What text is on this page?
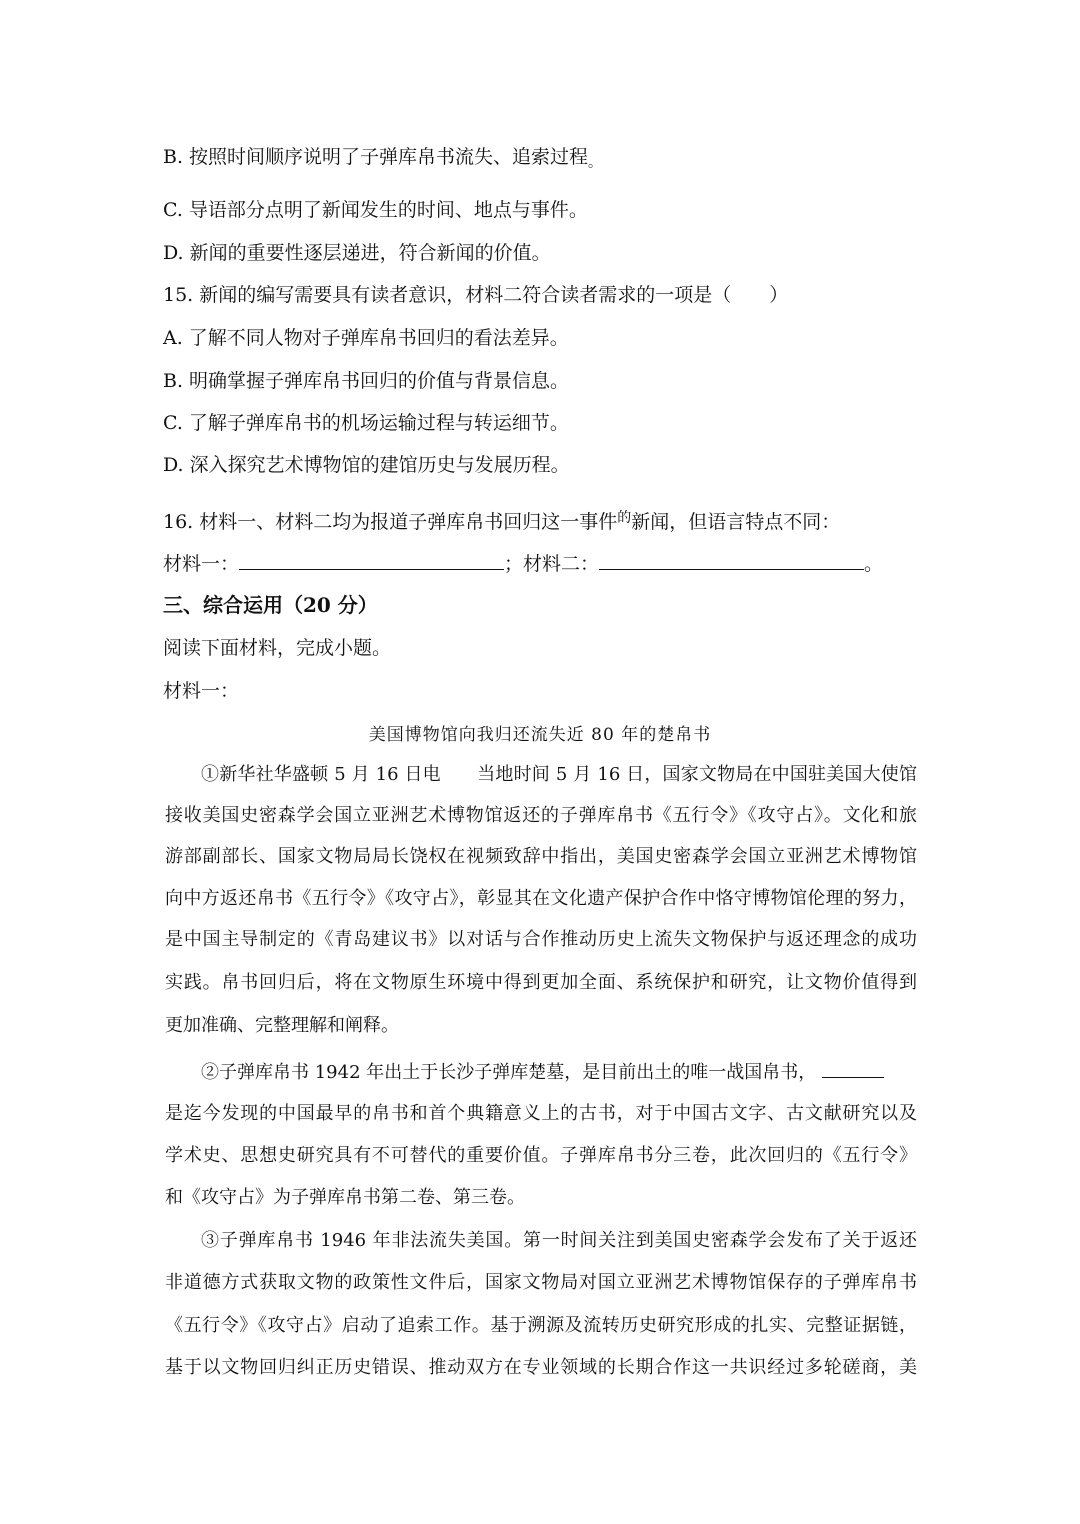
B. 按照时间顺序说明了子弹库帛书流失、追索过程$_。$

C. 导语部分点明了新闻发生的时间、地点与事件。

D. 新闻的重要性逐层递进，符合新闻的价值。

15. 新闻的编写需要具有读者意识，材料二符合读者需求的一项是（　　）

A. 了解不同人物对子弹库帛书回归的看法差异。

B. 明确掌握子弹库帛书回归的价值与背景信息。

C. 了解子弹库帛书的机场运输过程与转运细节。

D. 深入探究艺术博物馆的建馆历史与发展历程。

16. 材料一、材料二均为报道子弹库帛书回归这一事件$^的$新闻，但语言特点不同：

材料一：	；材料二：	。

三、综合运用（20 分）

阅读下面材料，完成小题。

材料一：

美国博物馆向我归还流失近 80 年的楚帛书

①新华社华盛顿 5 月 16 日电　　当地时间 5 月 16 日，国家文物局在中国驻美国大使馆

接收美国史密森学会国立亚洲艺术博物馆返还的子弹库帛书《五行令》《攻守占》。文化和旅

游部副部长、国家文物局局长饶权在视频致辞中指出，美国史密森学会国立亚洲艺术博物馆

向中方返还帛书《五行令》《攻守占》，彰显其在文化遗产保护合作中恪守博物馆伦理的努力，

是中国主导制定的《青岛建议书》以对话与合作推动历史上流失文物保护与返还理念的成功

实践。帛书回归后，将在文物原生环境中得到更加全面、系统保护和研究，让文物价值得到

更加准确、完整理解和阐释。

②子弹库帛书 1942 年出土于长沙子弹库楚墓，是目前出土的唯一战国帛书，

是迄今发现的中国最早的帛书和首个典籍意义上的古书，对于中国古文字、古文献研究以及

学术史、思想史研究具有不可替代的重要价值。子弹库帛书分三卷，此次回归的《五行令》

和《攻守占》为子弹库帛书第二卷、第三卷。

③子弹库帛书 1946 年非法流失美国。第一时间关注到美国史密森学会发布了关于返还

非道德方式获取文物的政策性文件后，国家文物局对国立亚洲艺术博物馆保存的子弹库帛书

《五行令》《攻守占》启动了追索工作。基于溯源及流转历史研究形成的扎实、完整证据链，

基于以文物回归纠正历史错误、推动双方在专业领域的长期合作这一共识经过多轮磋商，美
